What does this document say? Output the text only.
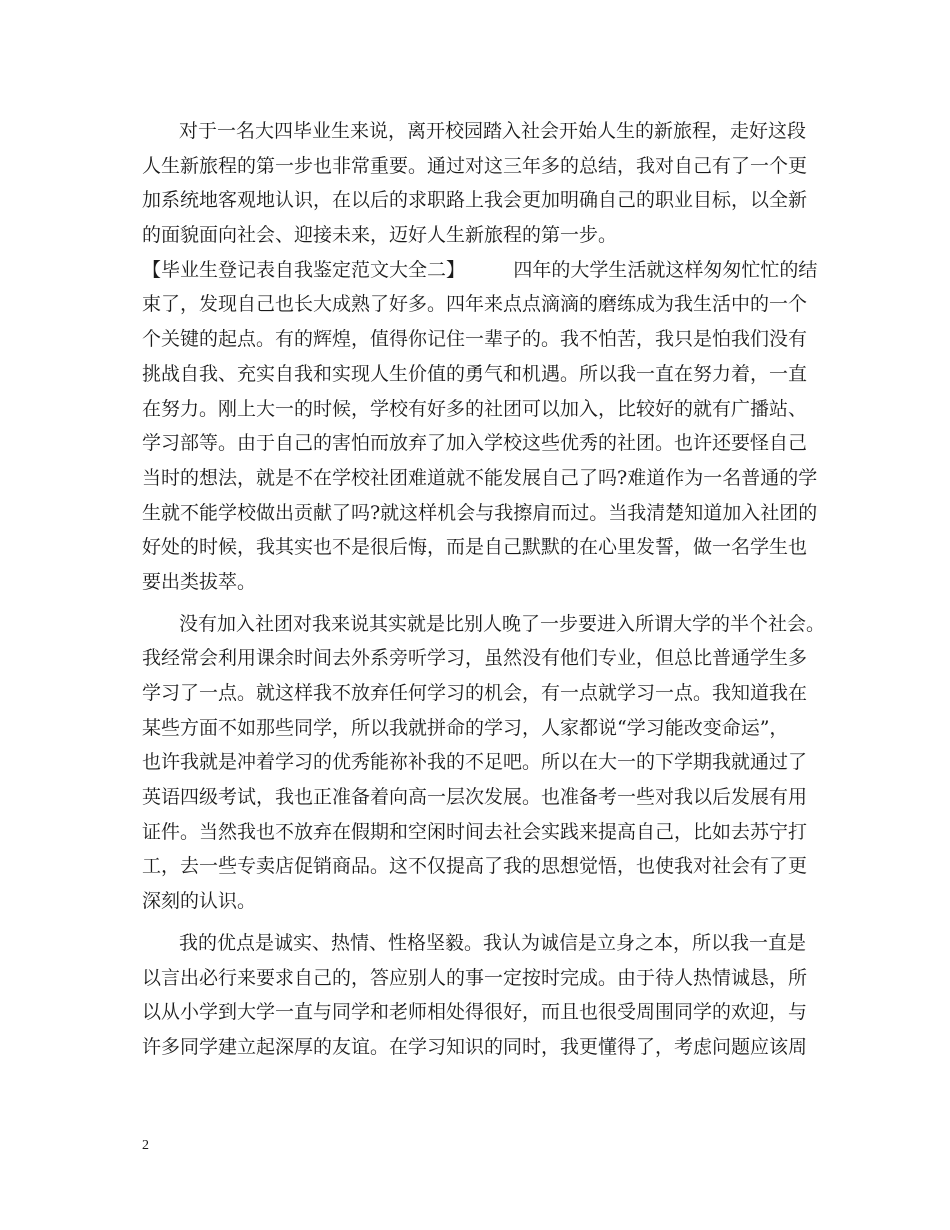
对于一名大四毕业生来说，离开校园踏入社会开始人生的新旅程，走好这段
人生新旅程的第一步也非常重要。通过对这三年多的总结，我对自己有了一个更
加系统地客观地认识，在以后的求职路上我会更加明确自己的职业目标，以全新
的面貌面向社会、迎接未来，迈好人生新旅程的第一步。
【毕业生登记表自我鉴定范文大全二】        四年的大学生活就这样匆匆忙忙的结
束了，发现自己也长大成熟了好多。四年来点点滴滴的磨练成为我生活中的一个
个关键的起点。有的辉煌，值得你记住一辈子的。我不怕苦，我只是怕我们没有
挑战自我、充实自我和实现人生价值的勇气和机遇。所以我一直在努力着，一直
在努力。刚上大一的时候，学校有好多的社团可以加入，比较好的就有广播站、
学习部等。由于自己的害怕而放弃了加入学校这些优秀的社团。也许还要怪自己
当时的想法，就是不在学校社团难道就不能发展自己了吗?难道作为一名普通的学
生就不能学校做出贡献了吗?就这样机会与我擦肩而过。当我清楚知道加入社团的
好处的时候，我其实也不是很后悔，而是自己默默的在心里发誓，做一名学生也
要出类拔萃。
没有加入社团对我来说其实就是比别人晚了一步要进入所谓大学的半个社会。
我经常会利用课余时间去外系旁听学习，虽然没有他们专业，但总比普通学生多
学习了一点。就这样我不放弃任何学习的机会，有一点就学习一点。我知道我在
某些方面不如那些同学，所以我就拼命的学习，人家都说“学习能改变命运”，
也许我就是冲着学习的优秀能祢补我的不足吧。所以在大一的下学期我就通过了
英语四级考试，我也正准备着向高一层次发展。也准备考一些对我以后发展有用
证件。当然我也不放弃在假期和空闲时间去社会实践来提高自己，比如去苏宁打
工，去一些专卖店促销商品。这不仅提高了我的思想觉悟，也使我对社会有了更
深刻的认识。
我的优点是诚实、热情、性格坚毅。我认为诚信是立身之本，所以我一直是
以言出必行来要求自己的，答应别人的事一定按时完成。由于待人热情诚恳，所
以从小学到大学一直与同学和老师相处得很好，而且也很受周围同学的欢迎，与
许多同学建立起深厚的友谊。在学习知识的同时，我更懂得了，考虑问题应该周
2
